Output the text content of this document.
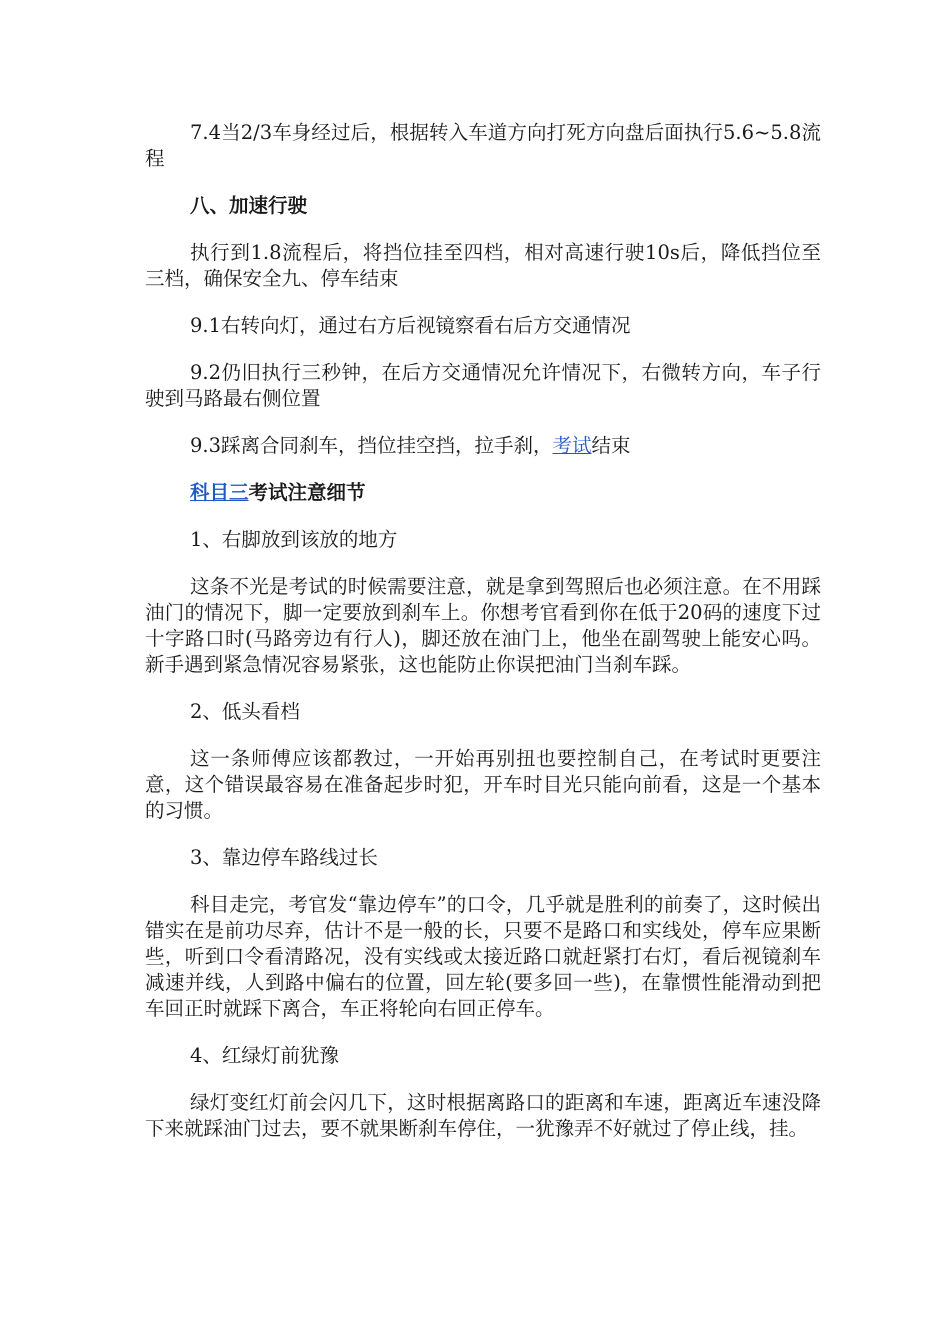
7.4当2/3车身经过后，根据转入车道方向打死方向盘后面执行5.6~5.8流程

八、加速行驶

执行到1.8流程后，将挡位挂至四档，相对高速行驶10s后，降低挡位至三档，确保安全九、停车结束

9.1右转向灯，通过右方后视镜察看右后方交通情况

9.2仍旧执行三秒钟，在后方交通情况允许情况下，右微转方向，车子行驶到马路最右侧位置

9.3踩离合同刹车，挡位挂空挡，拉手刹，考试结束

科目三考试注意细节

1、右脚放到该放的地方

这条不光是考试的时候需要注意，就是拿到驾照后也必须注意。在不用踩油门的情况下，脚一定要放到刹车上。你想考官看到你在低于20码的速度下过十字路口时(马路旁边有行人)，脚还放在油门上，他坐在副驾驶上能安心吗。新手遇到紧急情况容易紧张，这也能防止你误把油门当刹车踩。

2、低头看档

这一条师傅应该都教过，一开始再别扭也要控制自己，在考试时更要注意，这个错误最容易在准备起步时犯，开车时目光只能向前看，这是一个基本的习惯。

3、靠边停车路线过长

科目走完，考官发“靠边停车”的口令，几乎就是胜利的前奏了，这时候出错实在是前功尽弃，估计不是一般的长，只要不是路口和实线处，停车应果断些，听到口令看清路况，没有实线或太接近路口就赶紧打右灯，看后视镜刹车减速并线，人到路中偏右的位置，回左轮(要多回一些)，在靠惯性能滑动到把车回正时就踩下离合，车正将轮向右回正停车。

4、红绿灯前犹豫

绿灯变红灯前会闪几下，这时根据离路口的距离和车速，距离近车速没降下来就踩油门过去，要不就果断刹车停住，一犹豫弄不好就过了停止线，挂。
